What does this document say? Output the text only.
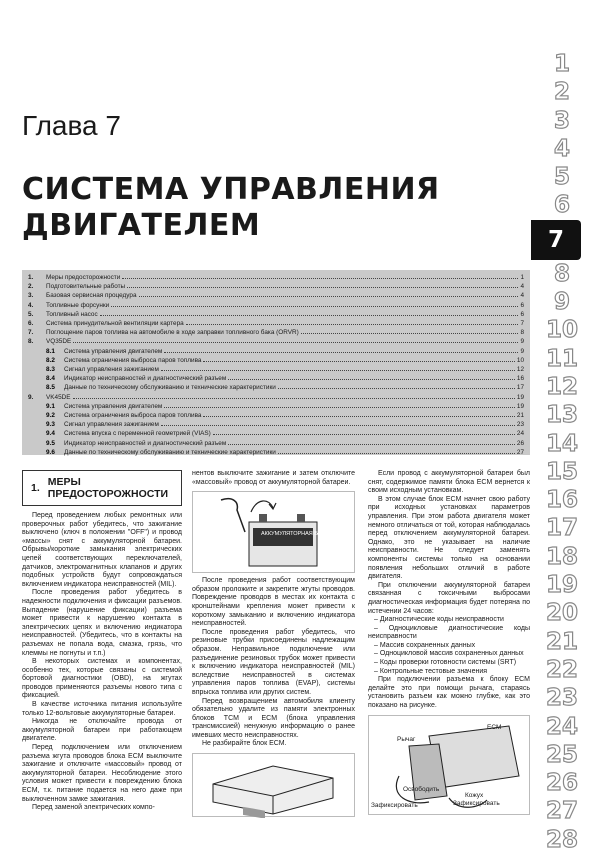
Глава 7
СИСТЕМА УПРАВЛЕНИЯ
ДВИГАТЕЛЕМ
1.	Меры предосторожности	1
2.	Подготовительные работы	4
3.	Базовая сервисная процедура	4
4.	Топливные форсунки	6
5.	Топливный насос	6
6.	Система принудительной вентиляции картера	7
7.	Поглощение паров топлива на автомобиле в ходе заправки топливного бака (ORVR)	8
8.	VQ35DE	9
8.1	Система управления двигателем	9
8.2	Система ограничения выброса паров топлива	10
8.3	Сигнал управления зажиганием	12
8.4	Индикатор неисправностей и диагностический разъем	16
8.5	Данные по техническому обслуживанию и технические характеристики	17
9.	VK45DE	19
9.1	Система управления двигателем	19
9.2	Система ограничения выброса паров топлива	21
9.3	Сигнал управления зажиганием	23
9.4	Система впуска с переменной геометрией (VIAS)	24
9.5	Индикатор неисправностей и диагностический разъем	26
9.6	Данные по техническому обслуживанию и технические характеристики	27
1
2
3
4
5
6
7
8
9
10
11
12
13
14
15
16
17
18
19
20
21
22
23
24
25
26
27
28
1. МЕРЫ
ПРЕДОСТОРОЖНОСТИ
Перед проведением любых ремонтных или проверочных работ убедитесь, что зажигание выключено (ключ в положении "OFF") и провод «массы» снят с аккумуляторной батареи. Обрывы/короткие замыкания электрических цепей соответствующих переключателей, датчиков, электромагнитных клапанов и других подобных устройств будут сопровождаться включением индикатора неисправностей (MIL).
После проведения работ убедитесь в надежности подключения и фиксации разъемов. Выпадение (нарушение фиксации) разъема может привести к нарушению контакта в электрических цепях и включению индикатора неисправностей. (Убедитесь, что в контакты на разъемах не попала вода, смазка, грязь, что клеммы не погнуты и т.п.)
В некоторых системах и компонентах, особенно тех, которые связаны с системой бортовой диагностики (OBD), на жгутах проводов применяются разъемы нового типа с фиксацией.
В качестве источника питания используйте только 12-вольтовые аккумуляторные батареи.
Никогда не отключайте провода от аккумуляторной батареи при работающем двигателе.
Перед подключением или отключением разъема жгута проводов блока ECM выключите зажигание и отключите «массовый» провод от аккумуляторной батареи. Несоблюдение этого условия может привести к повреждению блока ECM, т.к. питание подается на него даже при выключенном замке зажигания.
Перед заменой электрических компо-
нентов выключите зажигание и затем отключите «массовый» провод от аккумуляторной батареи.
АККУМУЛЯТОРНАЯ БАТАРЕЯ
После проведения работ соответствующим образом проложите и закрепите жгуты проводов. Повреждение проводов в местах их контакта с кронштейнами крепления может привести к короткому замыканию и включению индикатора неисправностей.
После проведения работ убедитесь, что резиновые трубки присоединены надлежащим образом. Неправильное подключение или разъединение резиновых трубок может привести к включению индикатора неисправностей (MIL) вследствие неисправностей в системах управления паров топлива (EVAP), системы впрыска топлива или других систем.
Перед возвращением автомобиля клиенту обязательно удалите из памяти электронных блоков TCM и ECM (блока управления трансмиссией) ненужную информацию о ранее имевших место неисправностях.
Не разбирайте блок ECM.
Если провод с аккумуляторной батареи был снят, содержимое памяти блока ECM вернется к своим исходным установкам.
В этом случае блок ECM начнет свою работу при исходных установках параметров управления. При этом работа двигателя может немного отличаться от той, которая наблюдалась перед отключением аккумуляторной батареи. Однако, это не указывает на наличие неисправности. Не следует заменять компоненты системы только на основании появления небольших отличий в работе двигателя.
При отключении аккумуляторной батареи связанная с токсичными выбросами диагностическая информация будет потеряна по истечении 24 часов:
– Диагностические коды неисправности
– Одноцикловые диагностические коды неисправности
– Массив сохраненных данных
– Одноцикловой массив сохраненных данных
– Коды проверки готовности системы (SRT)
– Контрольные тестовые значения
При подключении разъема к блоку ECM делайте это при помощи рычага, стараясь установить разъем как можно глубже, как это показано на рисунке.
Рычаг
ECM
Освободить
Зафиксировать
Кожух
Зафиксировать
